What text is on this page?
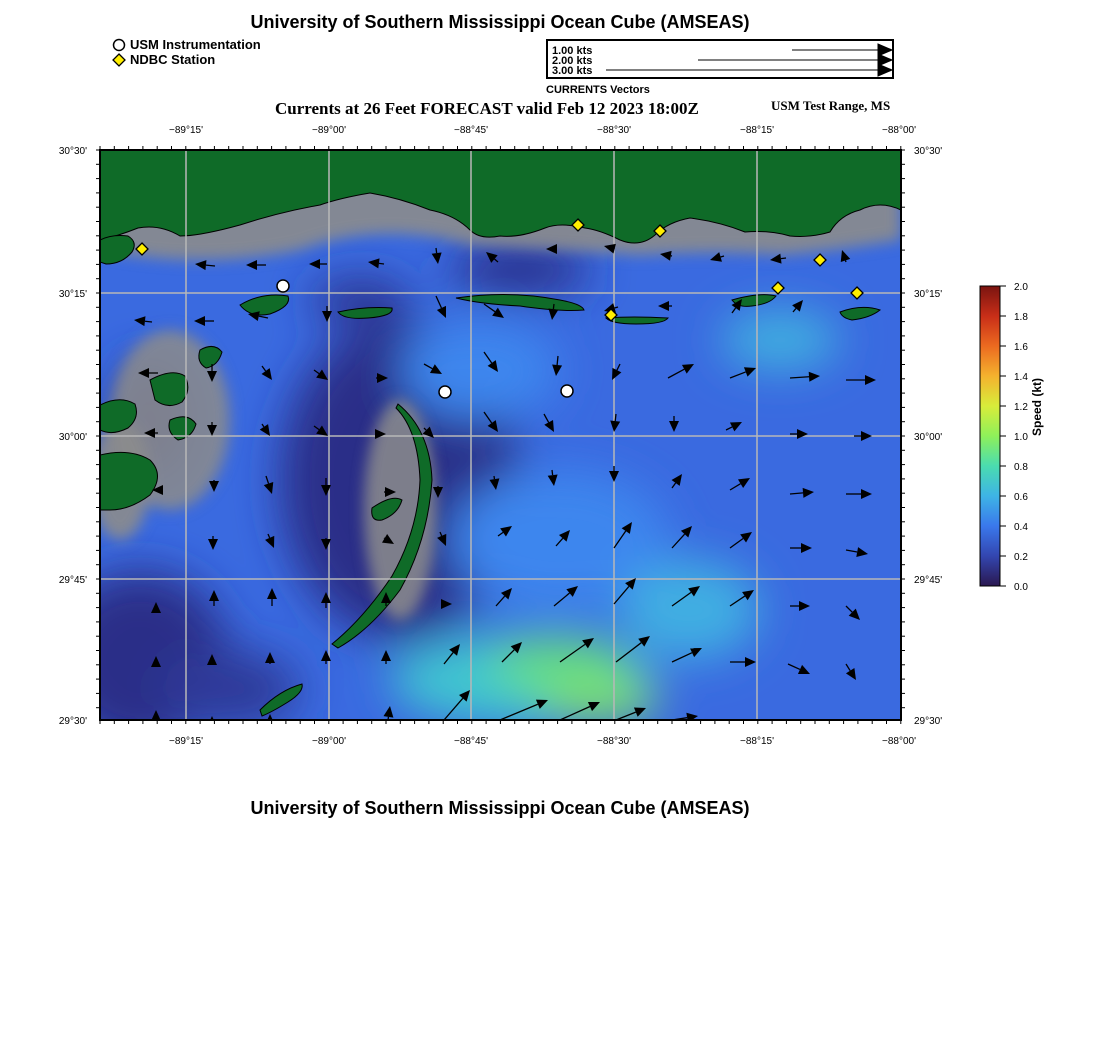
University of Southern Mississippi Ocean Cube (AMSEAS)
USM Instrumentation
NDBC Station
1.00 kts
2.00 kts
3.00 kts
CURRENTS Vectors
Currents at 26 Feet FORECAST valid Feb 12 2023 18:00Z	USM Test Range, MS
−89°15'	−89°00'	−88°45'	−88°30'	−88°15'	−88°00'
−89°15'	−89°00'	−88°45'	−88°30'	−88°15'	−88°00'
30°30'
30°15'
30°00'
29°45'
29°30'
30°30'
30°15'
30°00'
29°45'
29°30'
2.0
1.8
1.6
1.4
1.2
1.0
0.8
0.6
0.4
0.2
0.0
Speed (kt)
University of Southern Mississippi Ocean Cube (AMSEAS)
